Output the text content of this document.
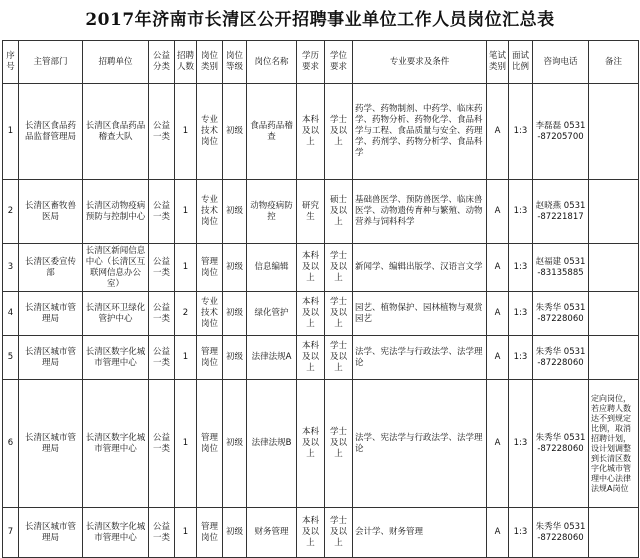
2017年济南市长清区公开招聘事业单位工作人员岗位汇总表
序号	主管部门	招聘单位	公益分类	招聘人数	岗位类别	岗位等级	岗位名称	学历要求	学位要求	专业要求及条件	笔试类别	面试比例	咨询电话	备注
1	长清区食品药品监督管理局	长清区食品药品稽查大队	公益一类	1	专业技术岗位	初级	食品药品稽查	本科及以上	学士及以上	药学、药物制剂、中药学、临床药学、药物分析、药物化学、食品科学与工程、食品质量与安全、药理学、药剂学、药物分析学、食品科学	A	1:3	李磊磊 0531-87205700	
2	长清区畜牧兽医局	长清区动物疫病预防与控制中心	公益一类	1	专业技术岗位	初级	动物疫病防控	研究生	硕士及以上	基础兽医学、预防兽医学、临床兽医学、动物遗传育种与繁殖、动物营养与饲料科学	A	1:3	赵晓燕 0531-87221817	
3	长清区委宣传部	长清区新闻信息中心（长清区互联网信息办公室）	公益一类	1	管理岗位	初级	信息编辑	本科及以上	学士及以上	新闻学、编辑出版学、汉语言文学	A	1:3	赵福建 0531-83135885	
4	长清区城市管理局	长清区环卫绿化管护中心	公益一类	2	专业技术岗位	初级	绿化管护	本科及以上	学士及以上	园艺、植物保护、园林植物与观赏园艺	A	1:3	朱秀华 0531-87228060	
5	长清区城市管理局	长清区数字化城市管理中心	公益一类	1	管理岗位	初级	法律法规A	本科及以上	学士及以上	法学、宪法学与行政法学、法学理论	A	1:3	朱秀华 0531-87228060	
6	长清区城市管理局	长清区数字化城市管理中心	公益一类	1	管理岗位	初级	法律法规B	本科及以上	学士及以上	法学、宪法学与行政法学、法学理论	A	1:3	朱秀华 0531-87228060	定向岗位，若应聘人数达不到规定比例，取消招聘计划，设计划调整到长清区数字化城市管理中心法律法规A岗位
7	长清区城市管理局	长清区数字化城市管理中心	公益一类	1	管理岗位	初级	财务管理	本科及以上	学士及以上	会计学、财务管理	A	1:3	朱秀华 0531-87228060	
